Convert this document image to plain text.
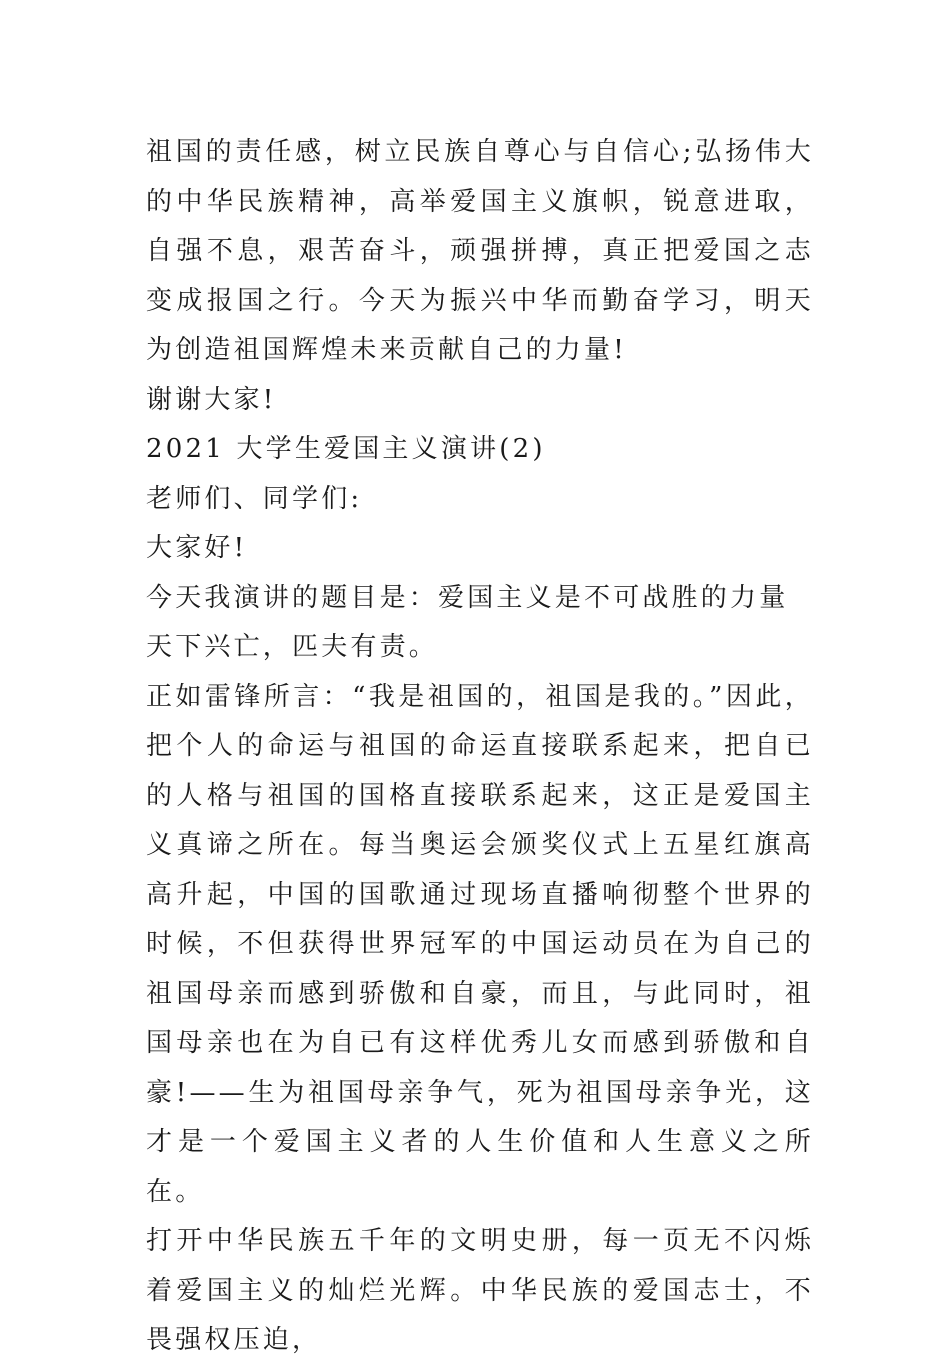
祖国的责任感，树立民族自尊心与自信心;弘扬伟大的中华民族精神，高举爱国主义旗帜，锐意进取，自强不息，艰苦奋斗，顽强拼搏，真正把爱国之志变成报国之行。今天为振兴中华而勤奋学习，明天为创造祖国辉煌未来贡献自己的力量!

谢谢大家!

2021 大学生爱国主义演讲(2)

老师们、同学们:

大家好!

今天我演讲的题目是：爱国主义是不可战胜的力量

天下兴亡，匹夫有责。

正如雷锋所言：“我是祖国的，祖国是我的。”因此，把个人的命运与祖国的命运直接联系起来，把自已的人格与祖国的国格直接联系起来，这正是爱国主义真谛之所在。每当奥运会颁奖仪式上五星红旗高高升起，中国的国歌通过现场直播响彻整个世界的时候，不但获得世界冠军的中国运动员在为自己的祖国母亲而感到骄傲和自豪，而且，与此同时，祖国母亲也在为自已有这样优秀儿女而感到骄傲和自豪!——生为祖国母亲争气，死为祖国母亲争光，这才是一个爱国主义者的人生价值和人生意义之所在。

打开中华民族五千年的文明史册，每一页无不闪烁着爱国主义的灿烂光辉。中华民族的爱国志士，不畏强权压迫，
